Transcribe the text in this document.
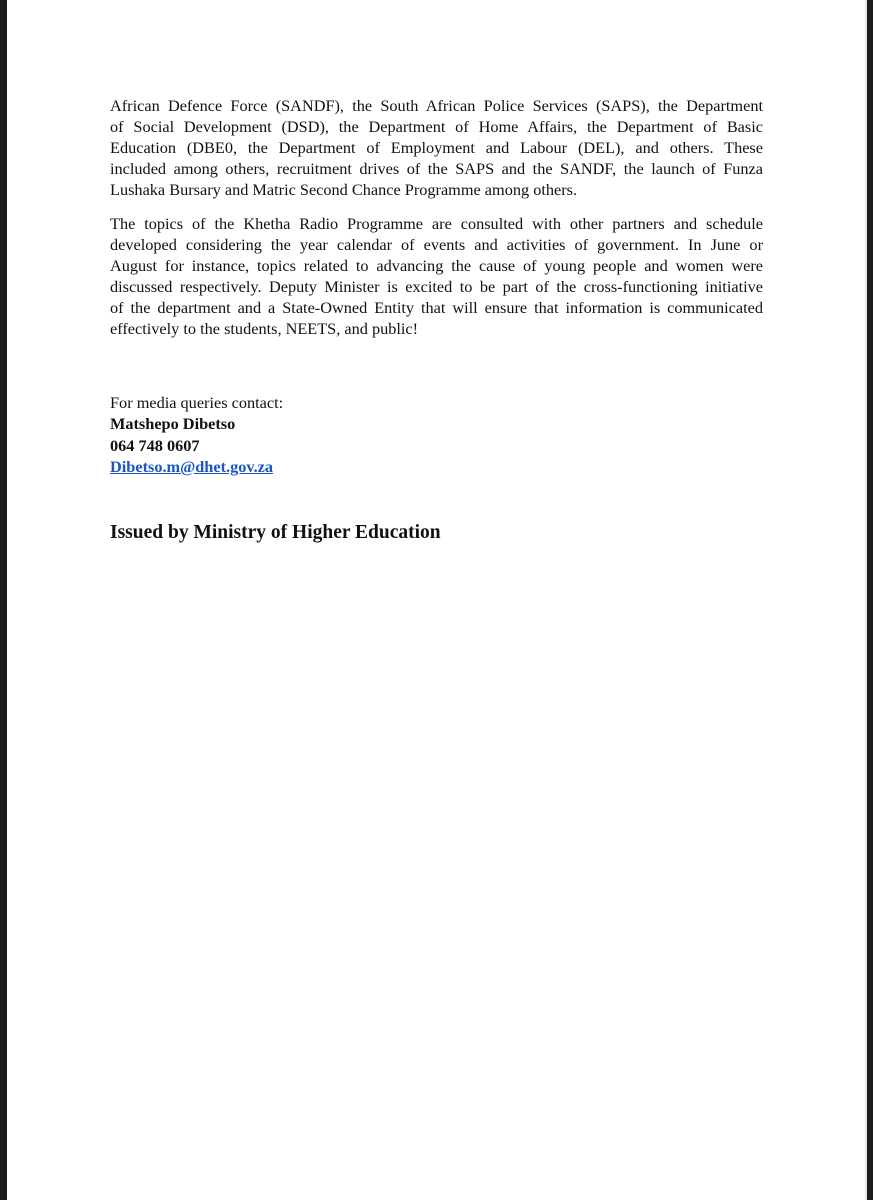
African Defence Force (SANDF), the South African Police Services (SAPS), the Department
of Social Development (DSD), the Department of Home Affairs, the Department of Basic
Education (DBE0, the Department of Employment and Labour (DEL), and others. These
included among others, recruitment drives of the SAPS and the SANDF, the launch of Funza
Lushaka Bursary and Matric Second Chance Programme among others.
The topics of the Khetha Radio Programme are consulted with other partners and schedule
developed considering the year calendar of events and activities of government. In June or
August for instance, topics related to advancing the cause of young people and women were
discussed respectively. Deputy Minister is excited to be part of the cross-functioning initiative
of the department and a State-Owned Entity that will ensure that information is communicated
effectively to the students, NEETS, and public!
For media queries contact:
Matshepo Dibetso
064 748 0607
Dibetso.m@dhet.gov.za
Issued by Ministry of Higher Education
